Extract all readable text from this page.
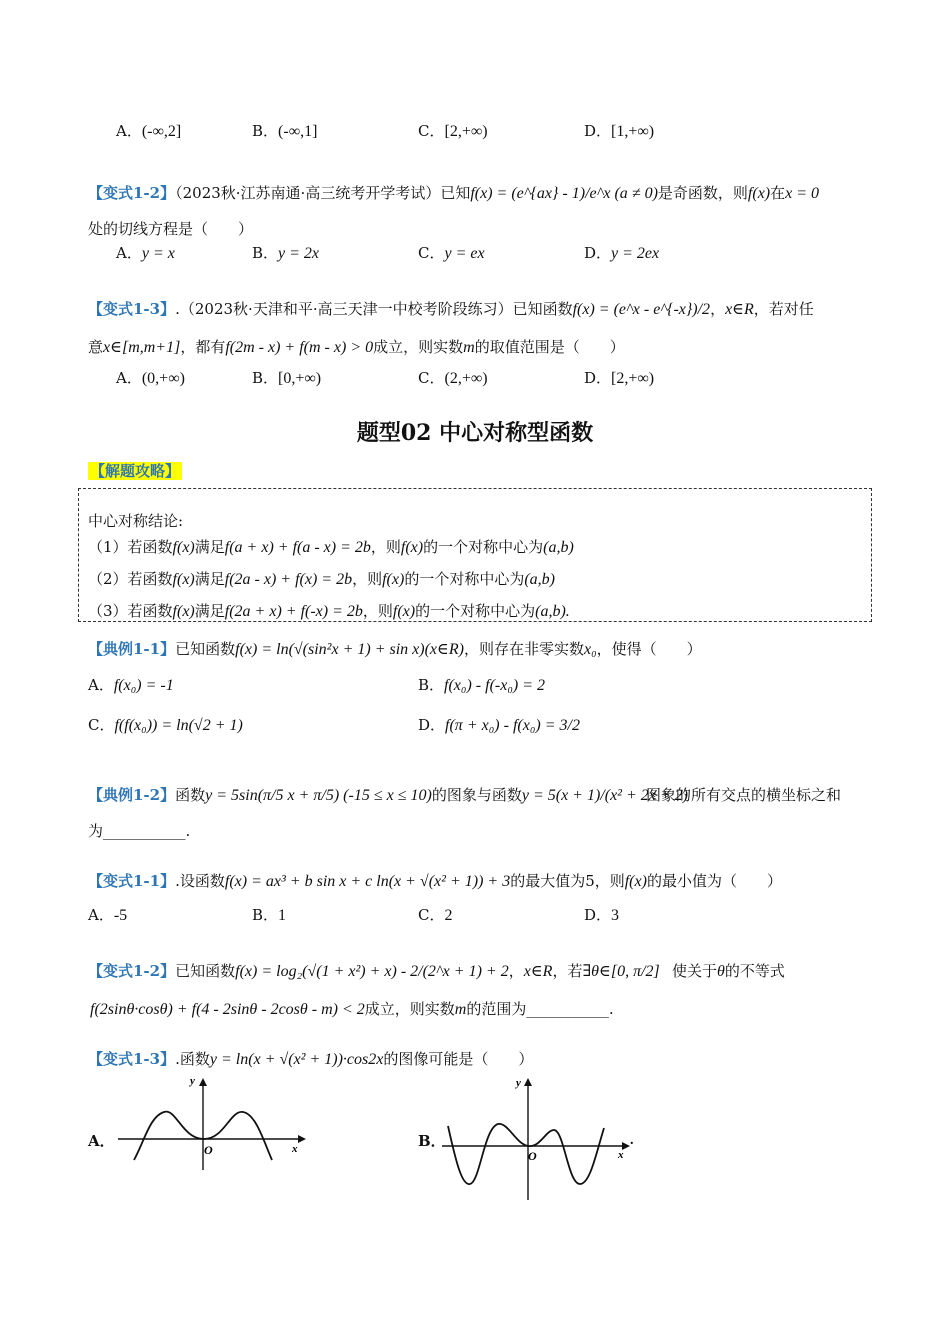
A．(-∞,2]	B．(-∞,1]	C．[2,+∞)	D．[1,+∞)
【变式1-2】（2023秋·江苏南通·高三统考开学考试）已知f(x) = (e^{ax} - 1)/e^x (a ≠ 0)是奇函数，则f(x)在x = 0
处的切线方程是（　　）
A．y = x	B．y = 2x	C．y = ex	D．y = 2ex
【变式1-3】.（2023秋·天津和平·高三天津一中校考阶段练习）已知函数f(x) = (e^x - e^{-x})/2，x∈R，若对任
意x∈[m,m+1]，都有f(2m - x) + f(m - x) > 0成立，则实数m的取值范围是（　　）
A．(0,+∞)	B．[0,+∞)	C．(2,+∞)	D．[2,+∞)
题型02 中心对称型函数
【解题攻略】
中心对称结论:
（1）若函数f(x)满足f(a + x) + f(a - x) = 2b，则f(x)的一个对称中心为(a,b)
（2）若函数f(x)满足f(2a - x) + f(x) = 2b，则f(x)的一个对称中心为(a,b)
（3）若函数f(x)满足f(2a + x) + f(-x) = 2b，则f(x)的一个对称中心为(a,b).
【典例1-1】已知函数f(x) = ln(√(sin²x + 1) + sin x)(x∈R)，则存在非零实数x₀，使得（　　）
A．f(x₀) = -1	B．f(x₀) - f(-x₀) = 2
C．f(f(x₀)) = ln(√2 + 1)	D．f(π + x₀) - f(x₀) = 3/2
【典例1-2】函数y = 5sin(π/5 x + π/5) (-15 ≤ x ≤ 10)的图象与函数y = 5(x + 1)/(x² + 2x + 2)
图象的所有交点的横坐标之和
为___________.
【变式1-1】.设函数f(x) = ax³ + b sin x + c ln(x + √(x² + 1)) + 3的最大值为5，则f(x)的最小值为（　　）
A．-5	B．1	C．2	D．3
【变式1-2】已知函数f(x) = log₂(√(1 + x²) + x) - 2/(2^x + 1) + 2，x∈R，若∃θ∈[0, π/2] 使关于θ的不等式
f(2sinθ·cosθ) + f(4 - 2sinθ - 2cosθ - m) < 2成立，则实数m的范围为___________.
【变式1-3】.函数y = ln(x + √(x² + 1))·cos2x的图像可能是（　　）
A．
y
x
O	B．
y
x
O
.
